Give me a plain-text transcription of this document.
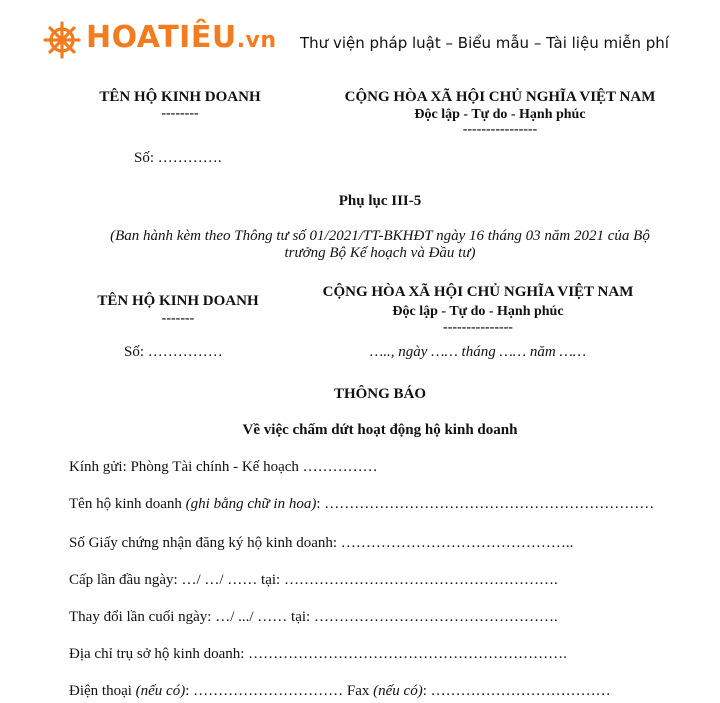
HOATIÊU.vn Thư viện pháp luật – Biểu mẫu – Tài liệu miễn phí
TÊN HỘ KINH DOANH
--------
Số: ………….
CỘNG HÒA XÃ HỘI CHỦ NGHĨA VIỆT NAM
Độc lập - Tự do - Hạnh phúc
----------------
Phụ lục III-5
(Ban hành kèm theo Thông tư số 01/2021/TT-BKHĐT ngày 16 tháng 03 năm 2021 của Bộ
trưởng Bộ Kế hoạch và Đầu tư)
TÊN HỘ KINH DOANH
-------
Số: ……………
CỘNG HÒA XÃ HỘI CHỦ NGHĨA VIỆT NAM
Độc lập - Tự do - Hạnh phúc
---------------
….., ngày …… tháng …… năm ……
THÔNG BÁO
Về việc chấm dứt hoạt động hộ kinh doanh
Kính gửi: Phòng Tài chính - Kế hoạch ……………
Tên hộ kinh doanh (ghi bằng chữ in hoa): …………………………………………………………
Số Giấy chứng nhận đăng ký hộ kinh doanh: ………………………………………..
Cấp lần đầu ngày: …/ …/ …… tại: ……………………………………………….
Thay đổi lần cuối ngày: …/ .../ …… tại: ………………………………………….
Địa chỉ trụ sở hộ kinh doanh: ……………………………………………………….
Điện thoại (nếu có): ………………………… Fax (nếu có): ………………………………
